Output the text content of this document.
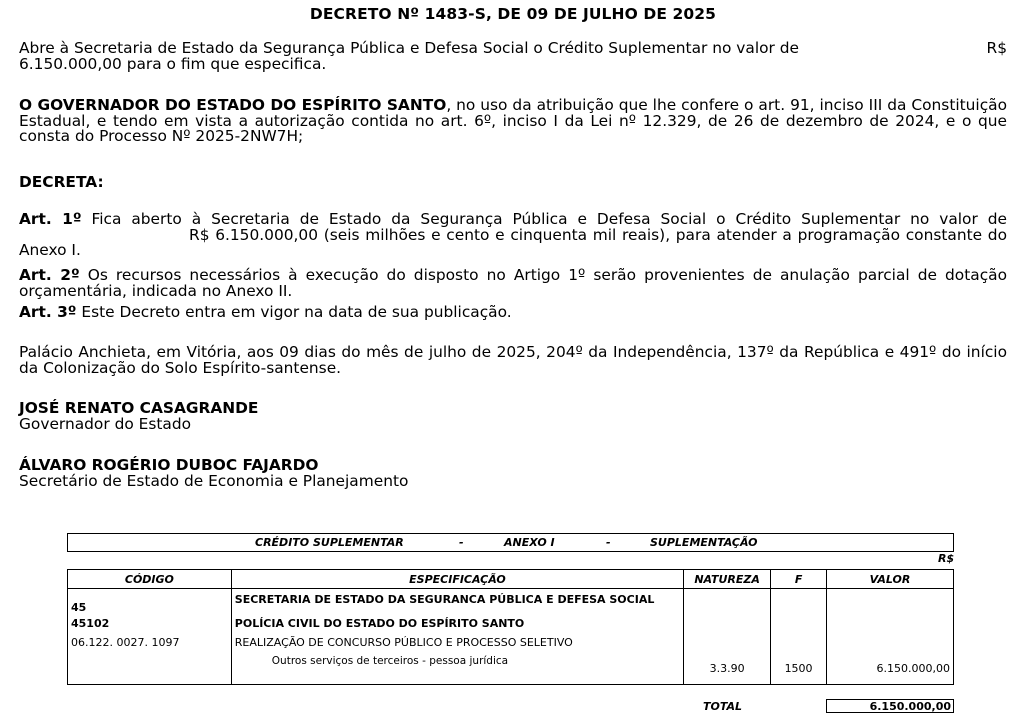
DECRETO Nº 1483-S, DE 09 DE JULHO DE 2025
R$
Abre à Secretaria de Estado da Segurança Pública e Defesa Social o Crédito Suplementar no valor de
6.150.000,00 para o fim que especifica.
O GOVERNADOR DO ESTADO DO ESPÍRITO SANTO, no uso da atribuição que lhe confere o art. 91, inciso III da Constituição Estadual, e tendo em vista a autorização contida no art. 6º, inciso I da Lei nº 12.329, de 26 de dezembro de 2024, e o que consta do Processo Nº 2025-2NW7H;
DECRETA:
Art. 1º Fica aberto à Secretaria de Estado da Segurança Pública e Defesa Social o Crédito Suplementar no valor deR$ 6.150.000,00 (seis milhões e cento e cinquenta mil reais), para atender a programação constante do Anexo I.
Art. 2º Os recursos necessários à execução do disposto no Artigo 1º serão provenientes de anulação parcial de dotação orçamentária, indicada no Anexo II.
Art. 3º Este Decreto entra em vigor na data de sua publicação.
Palácio Anchieta, em Vitória, aos 09 dias do mês de julho de 2025, 204º da Independência, 137º da República e 491º do início da Colonização do Solo Espírito-santense.
JOSÉ RENATO CASAGRANDE
Governador do Estado
ÁLVARO ROGÉRIO DUBOC FAJARDO
Secretário de Estado de Economia e Planejamento
CRÉDITO SUPLEMENTAR	-	ANEXO I	-	SUPLEMENTAÇÃO
R$
CÓDIGO	ESPECIFICAÇÃO	NATUREZA	F	VALOR
45	SECRETARIA DE ESTADO DA SEGURANCA PÚBLICA E DEFESA SOCIAL			
45102	POLÍCIA CIVIL DO ESTADO DO ESPÍRITO SANTO			
06.122. 0027. 1097	REALIZAÇÃO DE CONCURSO PÚBLICO E PROCESSO SELETIVO			
	Outros serviços de terceiros - pessoa jurídica	3.3.90	1500	6.150.000,00
TOTAL	6.150.000,00
